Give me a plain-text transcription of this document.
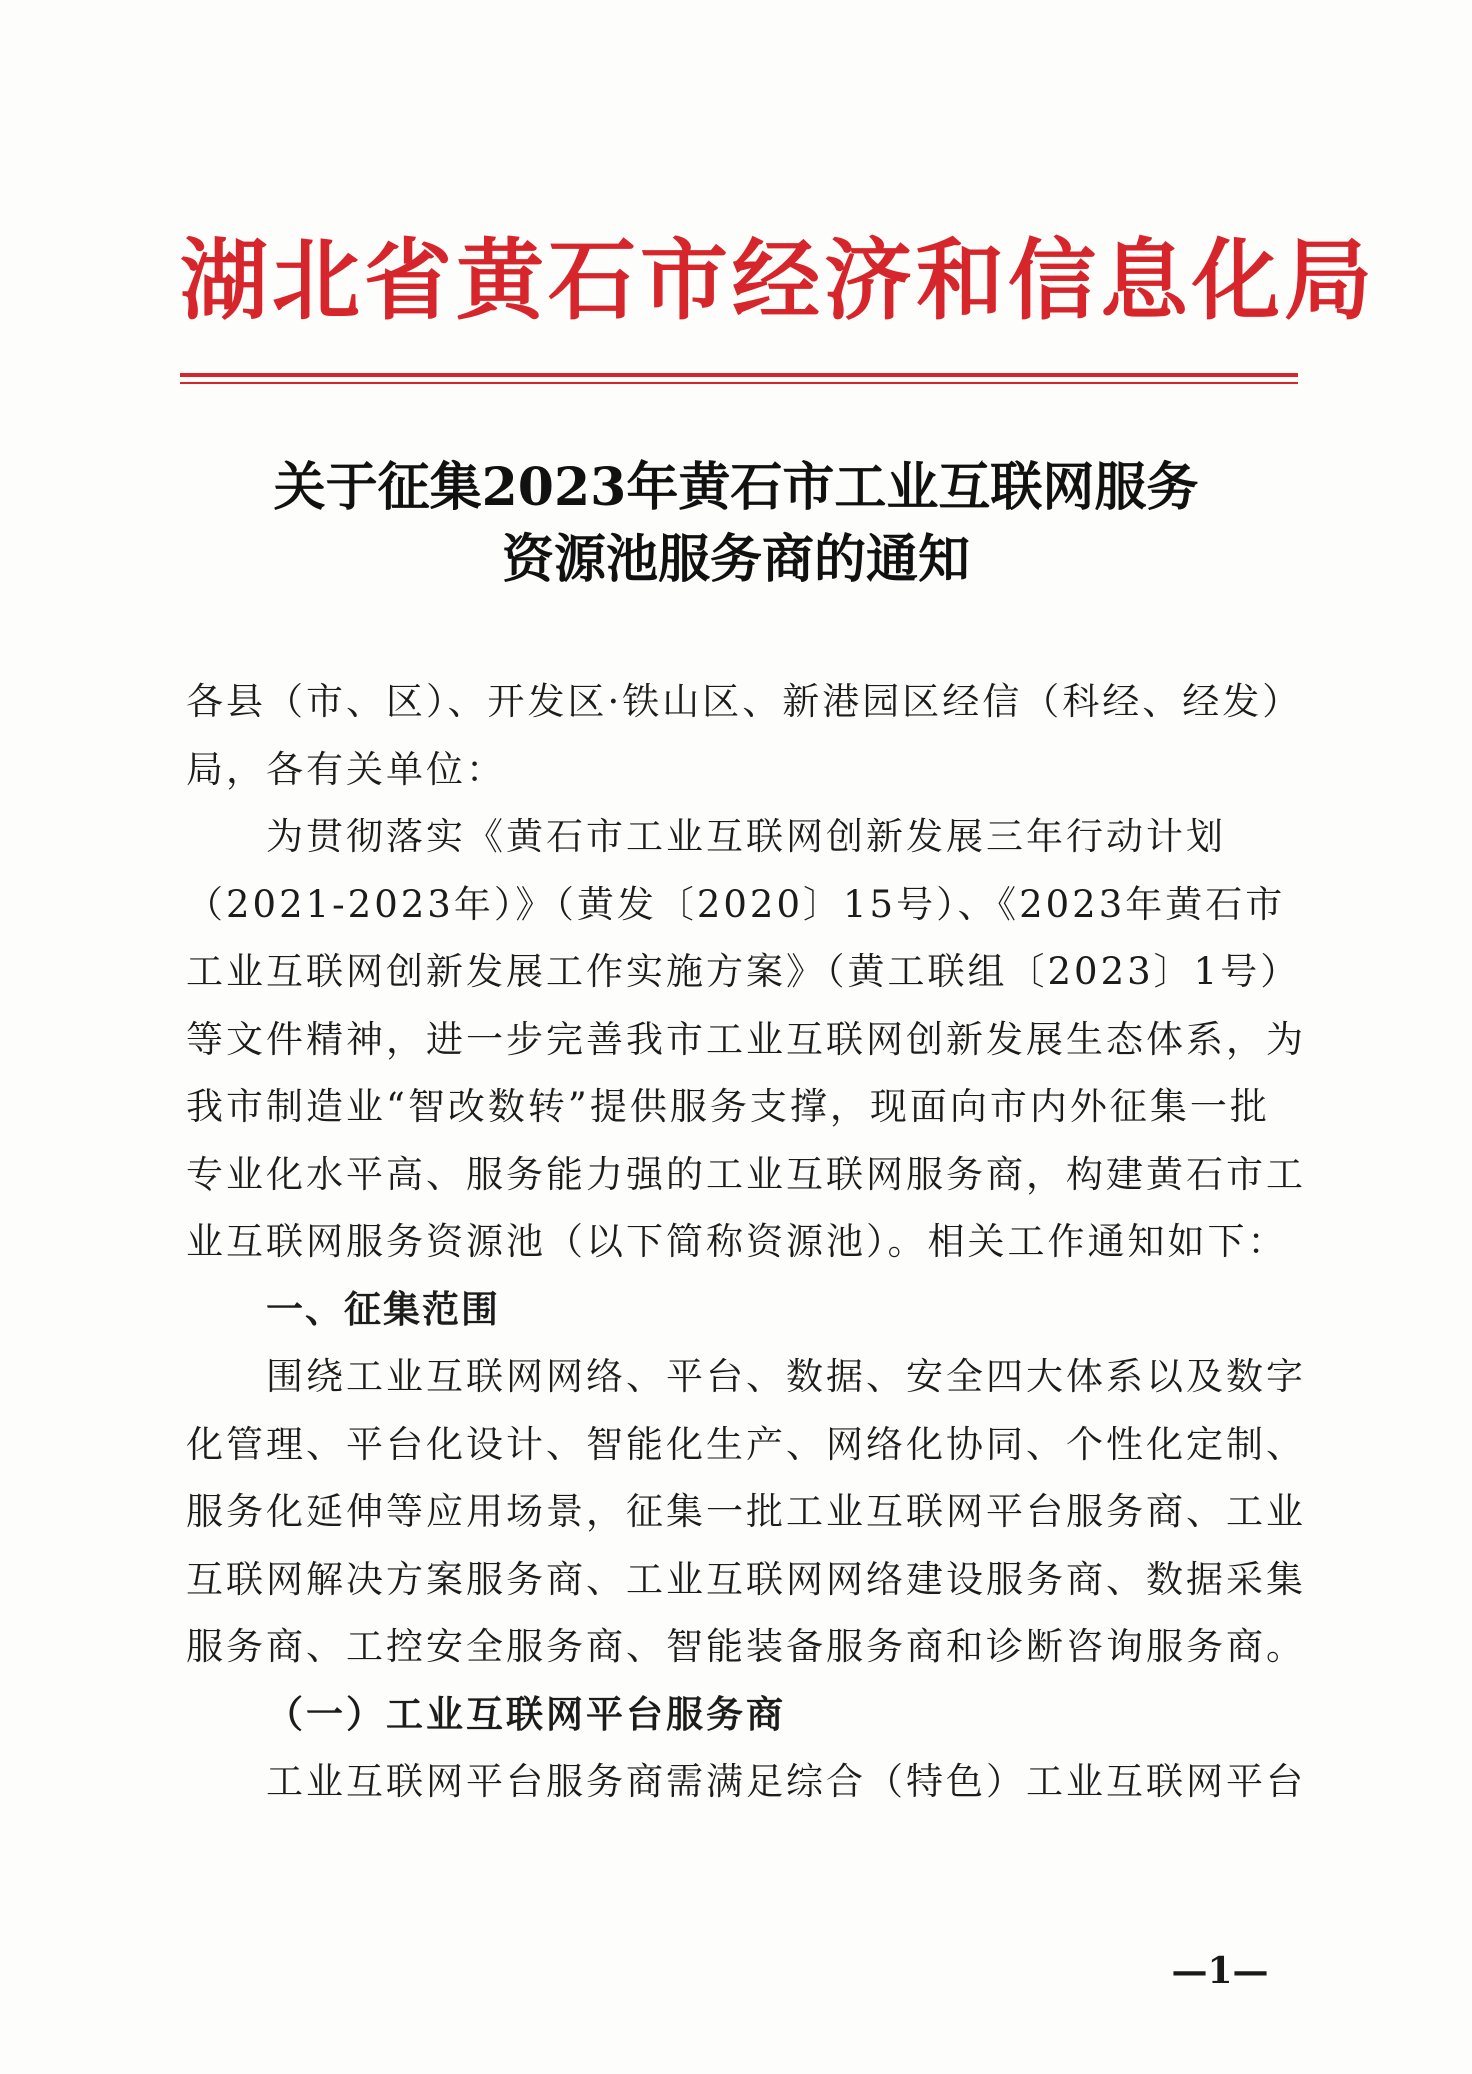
湖北省黄石市经济和信息化局
关于征集2023年黄石市工业互联网服务
资源池服务商的通知
各县（市、区）、开发区·铁山区、新港园区经信（科经、经发）
局，各有关单位：
为贯彻落实《黄石市工业互联网创新发展三年行动计划
（2021-2023年）》（黄发〔2020〕15号）、《2023年黄石市
工业互联网创新发展工作实施方案》（黄工联组〔2023〕1号）
等文件精神，进一步完善我市工业互联网创新发展生态体系，为
我市制造业“智改数转”提供服务支撑，现面向市内外征集一批
专业化水平高、服务能力强的工业互联网服务商，构建黄石市工
业互联网服务资源池（以下简称资源池）。相关工作通知如下：
一、征集范围
围绕工业互联网网络、平台、数据、安全四大体系以及数字
化管理、平台化设计、智能化生产、网络化协同、个性化定制、
服务化延伸等应用场景，征集一批工业互联网平台服务商、工业
互联网解决方案服务商、工业互联网网络建设服务商、数据采集
服务商、工控安全服务商、智能装备服务商和诊断咨询服务商。
（一）工业互联网平台服务商
工业互联网平台服务商需满足综合（特色）工业互联网平台
—1—
